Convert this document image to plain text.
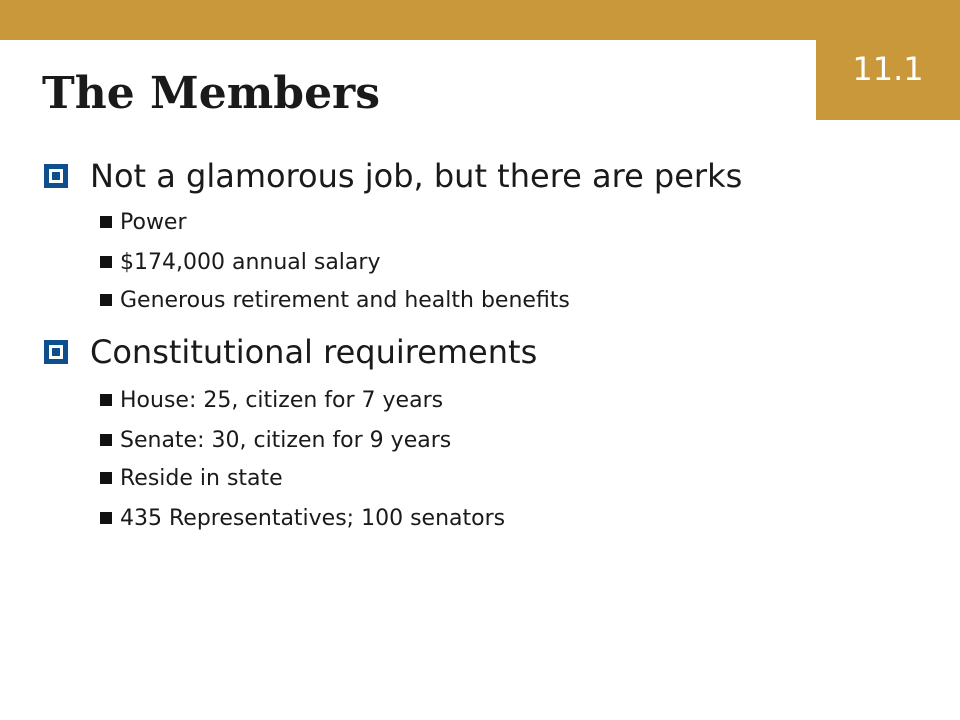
11.1
The Members
Not a glamorous job, but there are perks
Power
$174,000 annual salary
Generous retirement and health benefits
Constitutional requirements
House: 25, citizen for 7 years
Senate: 30, citizen for 9 years
Reside in state
435 Representatives; 100 senators
